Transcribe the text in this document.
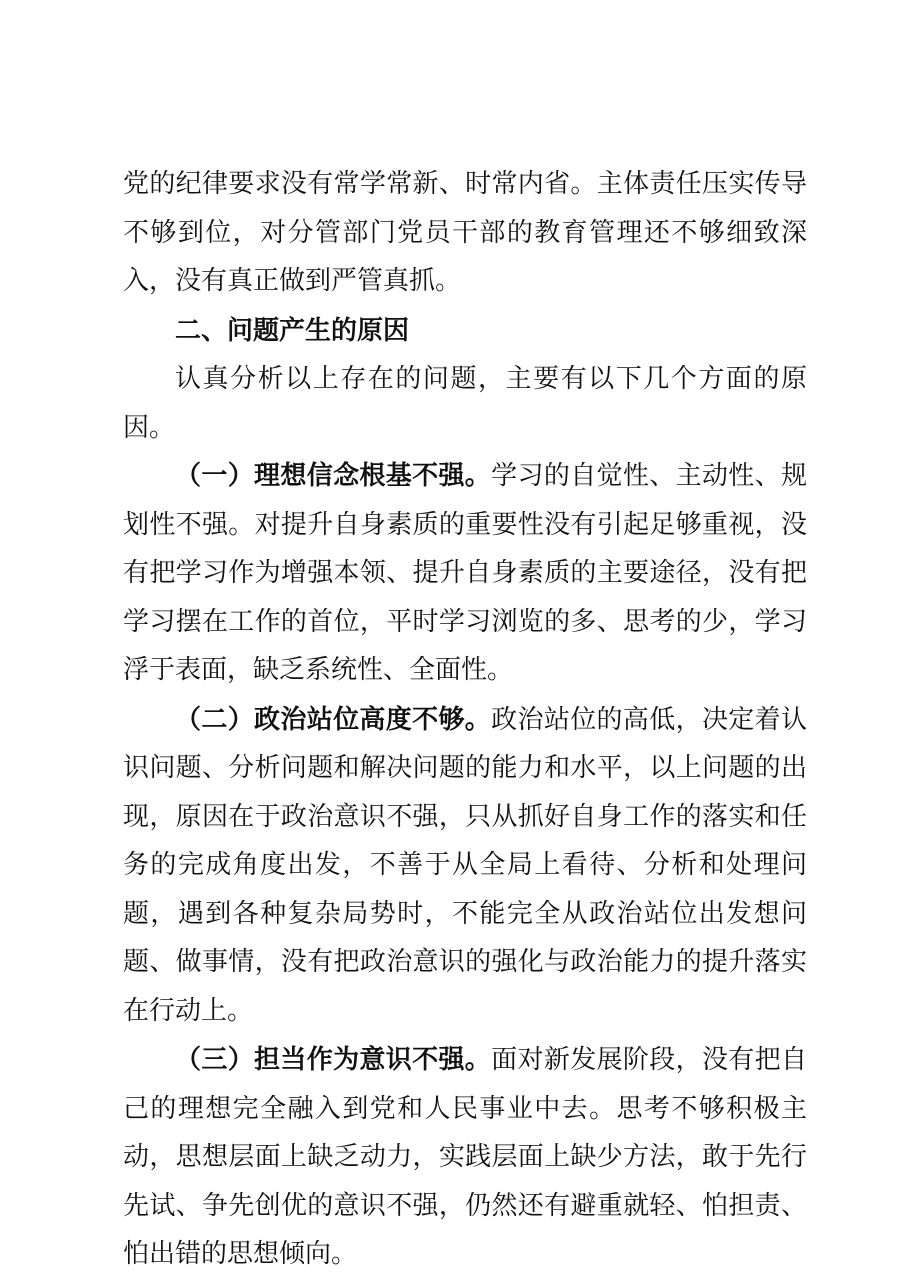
党的纪律要求没有常学常新、时常内省。主体责任压实传导不够到位，对分管部门党员干部的教育管理还不够细致深入，没有真正做到严管真抓。

二、问题产生的原因

认真分析以上存在的问题，主要有以下几个方面的原因。

（一）理想信念根基不强。学习的自觉性、主动性、规划性不强。对提升自身素质的重要性没有引起足够重视，没有把学习作为增强本领、提升自身素质的主要途径，没有把学习摆在工作的首位，平时学习浏览的多、思考的少，学习浮于表面，缺乏系统性、全面性。

（二）政治站位高度不够。政治站位的高低，决定着认识问题、分析问题和解决问题的能力和水平，以上问题的出现，原因在于政治意识不强，只从抓好自身工作的落实和任务的完成角度出发，不善于从全局上看待、分析和处理问题，遇到各种复杂局势时，不能完全从政治站位出发想问题、做事情，没有把政治意识的强化与政治能力的提升落实在行动上。

（三）担当作为意识不强。面对新发展阶段，没有把自己的理想完全融入到党和人民事业中去。思考不够积极主动，思想层面上缺乏动力，实践层面上缺少方法，敢于先行先试、争先创优的意识不强，仍然还有避重就轻、怕担责、怕出错的思想倾向。
